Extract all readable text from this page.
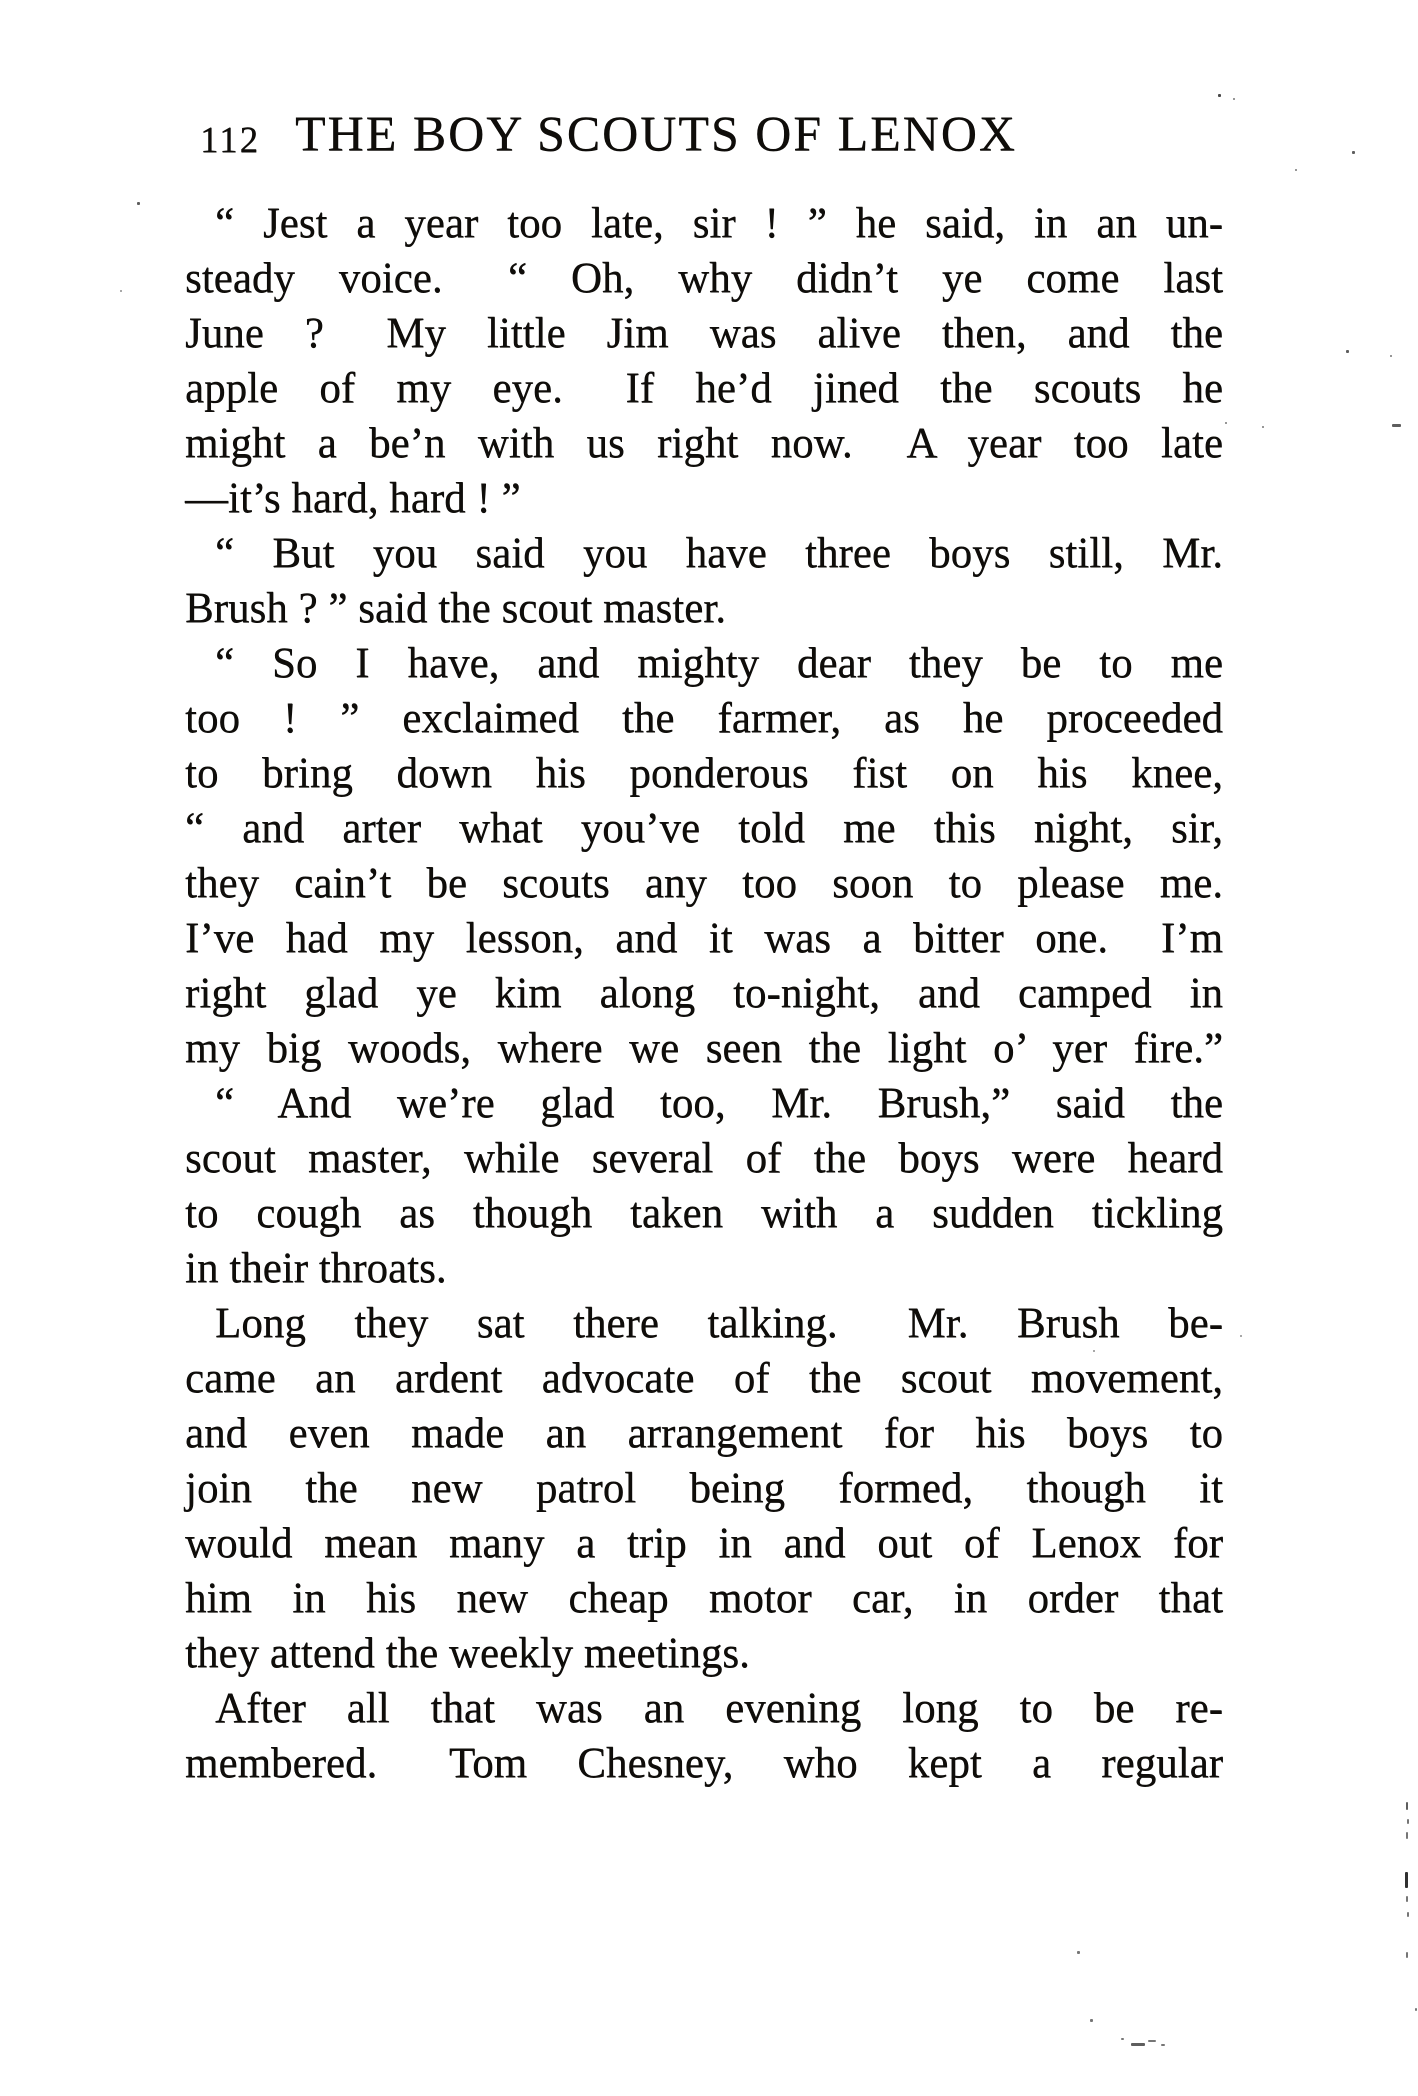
112 THE BOY SCOUTS OF LENOX
“ Jest a year too late, sir ! ” he said, in an un-
steady voice.  “ Oh, why didn’t ye come last
June ?  My little Jim was alive then, and the
apple of my eye.  If he’d jined the scouts he
might a be’n with us right now.  A year too late
—it’s hard, hard ! ”
“ But you said you have three boys still, Mr.
Brush ? ” said the scout master.
“ So I have, and mighty dear they be to me
too ! ” exclaimed the farmer, as he proceeded
to bring down his ponderous fist on his knee,
“ and arter what you’ve told me this night, sir,
they cain’t be scouts any too soon to please me.
I’ve had my lesson, and it was a bitter one.  I’m
right glad ye kim along to-night, and camped in
my big woods, where we seen the light o’ yer fire.”
“ And we’re glad too, Mr. Brush,” said the
scout master, while several of the boys were heard
to cough as though taken with a sudden tickling
in their throats.
Long they sat there talking.  Mr. Brush be-
came an ardent advocate of the scout movement,
and even made an arrangement for his boys to
join the new patrol being formed, though it
would mean many a trip in and out of Lenox for
him in his new cheap motor car, in order that
they attend the weekly meetings.
After all that was an evening long to be re-
membered.  Tom Chesney, who kept a regular
